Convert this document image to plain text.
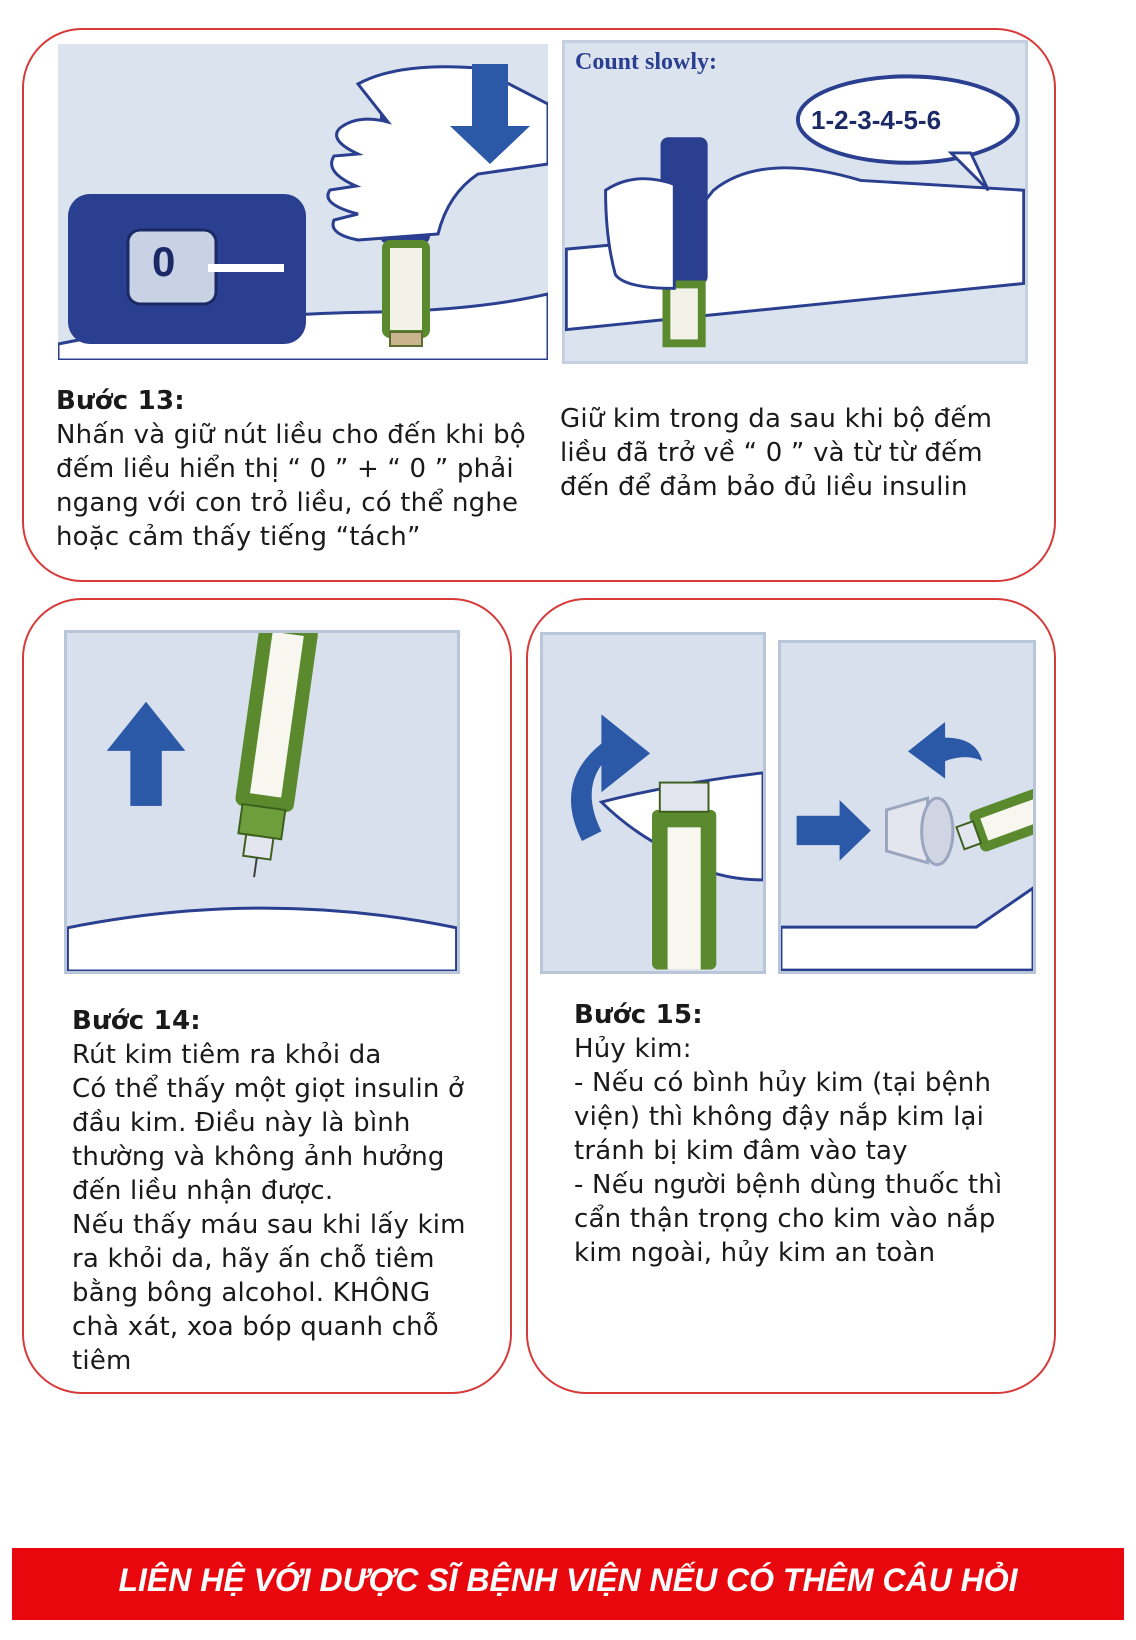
0
Count slowly:
1-2-3-4-5-6
Bước 13:
Nhấn và giữ nút liều cho đến khi bộ
đếm liều hiển thị “ 0 ” + “ 0 ” phải
ngang với con trỏ liều, có thể nghe
hoặc cảm thấy tiếng “tách”
Giữ kim trong da sau khi bộ đếm
liều đã trở về “ 0 ” và từ từ đếm
đến để đảm bảo đủ liều insulin
Bước 14:
Rút kim tiêm ra khỏi da
Có thể thấy một giọt insulin ở
đầu kim. Điều này là bình
thường và không ảnh hưởng
đến liều nhận được.
Nếu thấy máu sau khi lấy kim
ra khỏi da, hãy ấn chỗ tiêm
bằng bông alcohol. KHÔNG
chà xát, xoa bóp quanh chỗ
tiêm
Bước 15:
Hủy kim:
- Nếu có bình hủy kim (tại bệnh
viện) thì không đậy nắp kim lại
tránh bị kim đâm vào tay
- Nếu người bệnh dùng thuốc thì
cẩn thận trọng cho kim vào nắp
kim ngoài, hủy kim an toàn
LIÊN HỆ VỚI DƯỢC SĨ BỆNH VIỆN NẾU CÓ THÊM CÂU HỎI
